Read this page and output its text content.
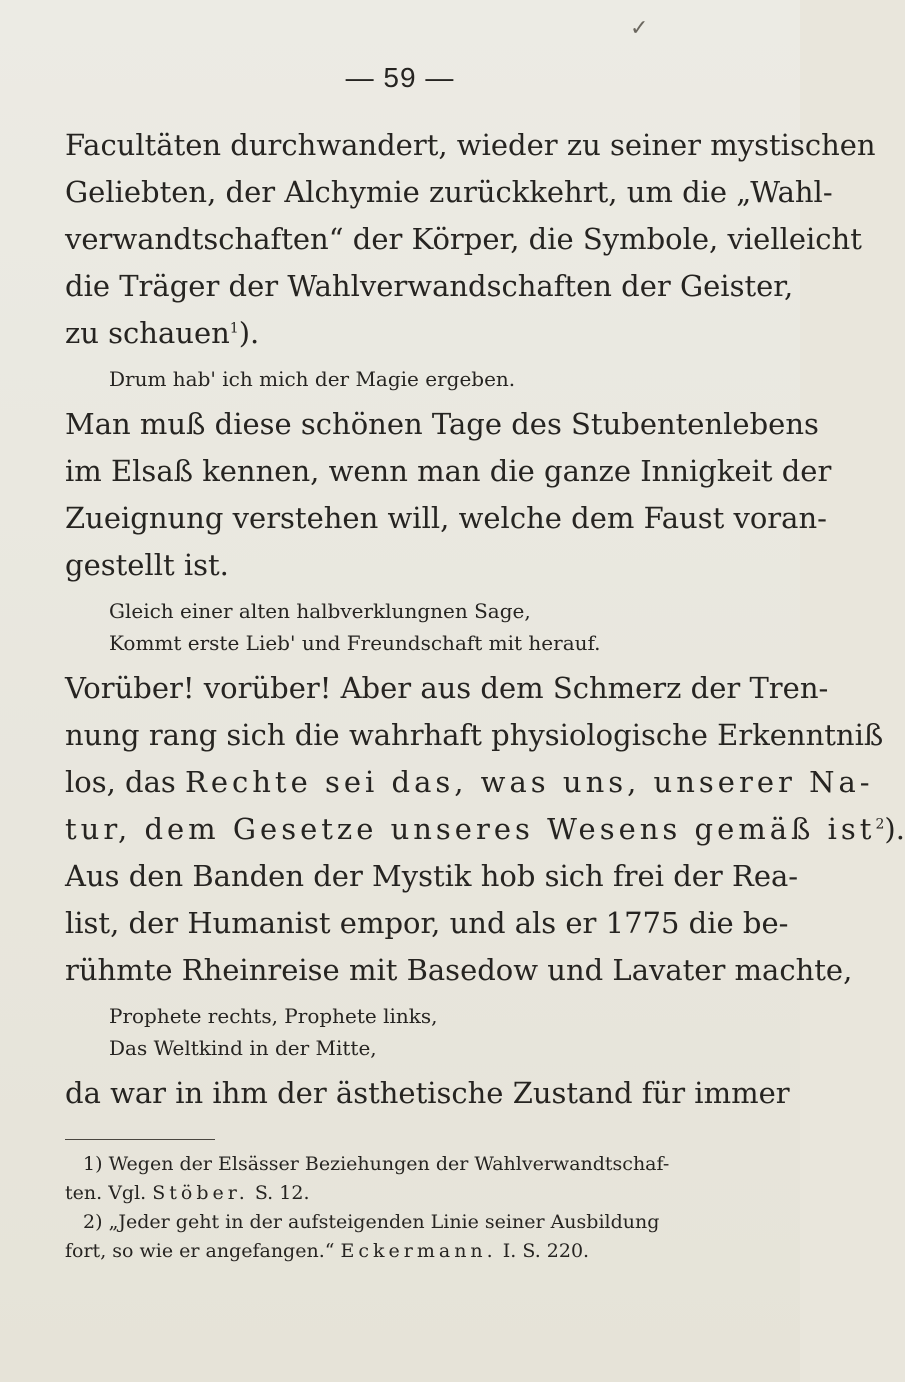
✓
— 59 —
Facultäten durchwandert, wieder zu seiner mystischen
Geliebten, der Alchymie zurückkehrt, um die „Wahl-
verwandtschaften“ der Körper, die Symbole, vielleicht
die Träger der Wahlverwandschaften der Geister,
zu schauen$^1$).
Drum hab' ich mich der Magie ergeben.
Man muß diese schönen Tage des Stubentenlebens
im Elsaß kennen, wenn man die ganze Innigkeit der
Zueignung verstehen will, welche dem Faust voran-
gestellt ist.
Gleich einer alten halbverklungnen Sage,
Kommt erste Lieb' und Freundschaft mit herauf.
Vorüber! vorüber! Aber aus dem Schmerz der Tren-
nung rang sich die wahrhaft physiologische Erkenntniß
los, das Rechte sei das, was uns, unserer Na-
tur, dem Gesetze unseres Wesens gemäß ist$^2$).
Aus den Banden der Mystik hob sich frei der Rea-
list, der Humanist empor, und als er 1775 die be-
rühmte Rheinreise mit Basedow und Lavater machte,
Prophete rechts, Prophete links,
Das Weltkind in der Mitte,
da war in ihm der ästhetische Zustand für immer
1) Wegen der Elsässer Beziehungen der Wahlverwandtschaf-
ten. Vgl. Stöber. S. 12.
2) „Jeder geht in der aufsteigenden Linie seiner Ausbildung
fort, so wie er angefangen.“ Eckermann. I. S. 220.
